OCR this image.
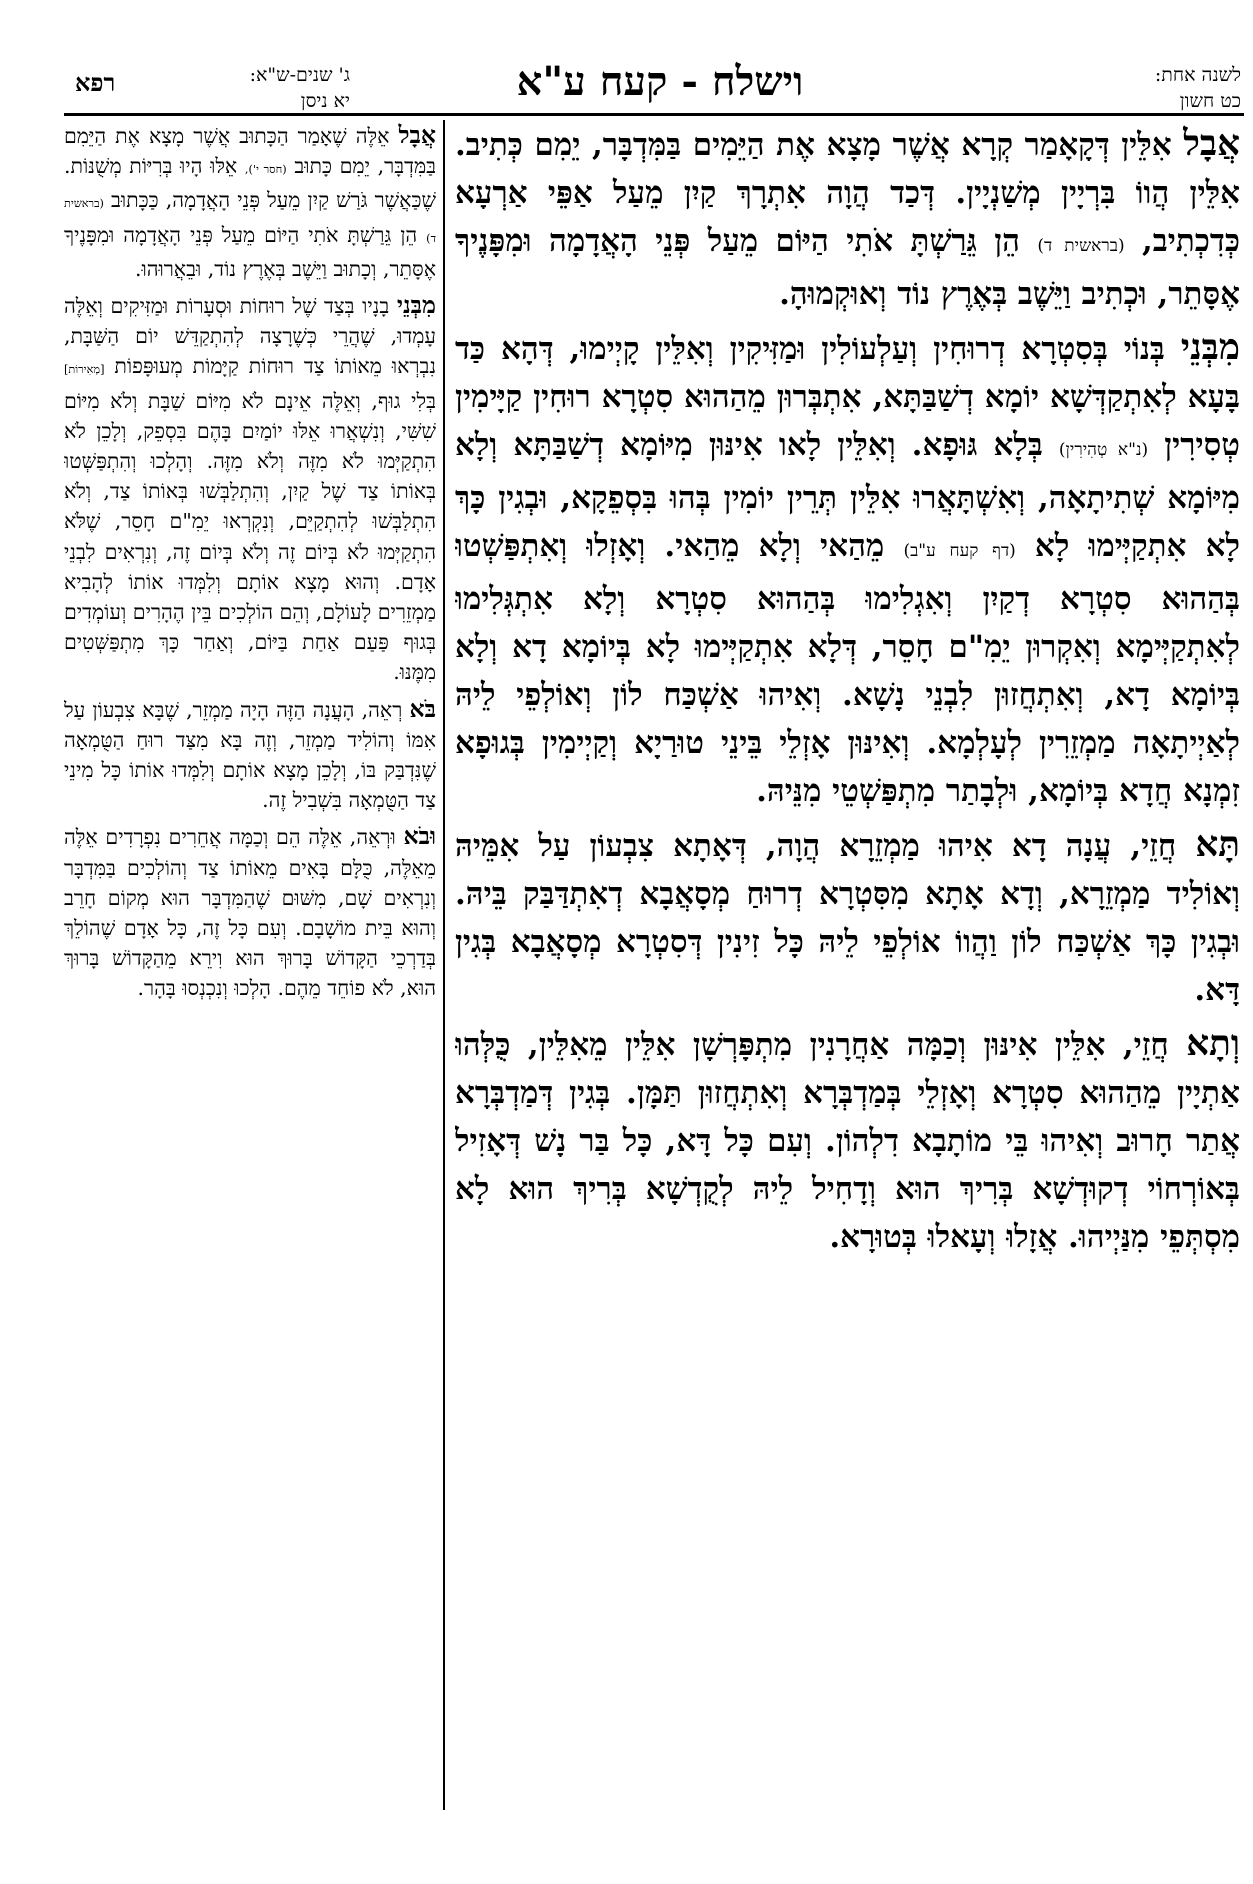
לשנה אחת:
כט חשון
וישלח - קעח ע"א
ג' שנים-ש"א:
יא ניסן
רפא

אֲבָל אִלֵּין דְּקָאָמַר קְרָא אֲשֶׁר מָצָא אֶת הַיֵּמִים בַּמִּדְבָּר, יֵמִם כְּתִיב. אִלֵּין הֲווֹ בִּרְיָין מְשַׁנְיָין. דְּכַד הֲוָה אִתְרָךְ קַיִן מֵעַל אַפֵּי אַרְעָא כְּדִכְתִיב, (בראשית ד) הֵן גֵּרַשְׁתָּ אֹתִי הַיּוֹם מֵעַל פְּנֵי הָאֲדָמָה וּמִפָּנֶיךָ אֶסָּתֵר, וּכְתִיב וַיֵּשֶׁב בְּאֶרֶץ נוֹד וְאוּקְמוּהָ.

מִבְּנֵי בְּנוֹי בְּסִטְרָא דְרוּחִין וְעַלְעוֹלִין וּמַזִּיקִין וְאִלֵּין קָיְימוּ, דְּהָא כַּד בָּעָא לְאִתְקַדְּשָׁא יוֹמָא דְשַׁבַּתָּא, אִתְבְּרוּן מֵהַהוּא סִטְרָא רוּחִין קַיָּימִין טְסִירִין (נ"א טְהִירִין) בְּלָא גּוּפָא. וְאִלֵּין לָאו אִינּוּן מִיּוֹמָא דְשַׁבַּתָּא וְלָא מִיּוֹמָא שְׁתִיתָאָה, וְאִשְׁתָּאֲרוּ אִלֵּין תְּרֵין יוֹמִין בְּהוּ בִּסְפֵקָא, וּבְגִין כָּךְ לָא אִתְקַיְּימוּ לָא (דף קעח ע"ב) מֵהַאי וְלָא מֵהַאי. וְאָזְלוּ וְאִתְפַּשְׁטוּ בְּהַהוּא סִטְרָא דְקַיִן וְאִגְלִימוּ בְּהַהוּא סִטְרָא וְלָא אִתְגְּלִימוּ לְאִתְקַיְּימָא וְאִקְרוּן יֵמִ"ם חָסֵר, דְּלָא אִתְקַיְּימוּ לָא בְּיוֹמָא דָא וְלָא בְּיוֹמָא דָא, וְאִתְחֲזוּן לִבְנֵי נָשָׁא. וְאִיהוּ אַשְׁכַּח לוֹן וְאוֹלְפֵי לֵיהּ לְאַיְיתָאָה מַמְזֵרִין לְעָלְמָא. וְאִינּוּן אָזְלֵי בֵּינֵי טוּרַיָא וְקַיְימִין בְּגוּפָא זִמְנָא חֲדָא בְּיוֹמָא, וּלְבָתַר מִתְפַּשְׁטֵי מִנֵּיהּ.

תָּא חֲזֵי, עֲנָה דָא אִיהוּ מַמְזֵרָא הֲוָה, דְּאָתָא צִבְעוֹן עַל אִמֵּיהּ וְאוֹלִיד מַמְזֵרָא, וְדָא אָתָא מִסִּטְרָא דְרוּחַ מְסָאֲבָא דְאִתְדַּבַּק בֵּיהּ. וּבְגִין כָּךְ אַשְׁכַּח לוֹן וַהֲווֹ אוֹלְפֵי לֵיהּ כָּל זִינִין דְּסִטְרָא מְסָאֲבָא בְּגִין דָּא.

וְתָא חֲזֵי, אִלֵּין אִינּוּן וְכַמָּה אַחֲרָנִין מִתְפָּרְשָׁן אִלֵּין מֵאִלֵּין, כֻּלְּהוּ אַתְיָין מֵהַהוּא סִטְרָא וְאָזְלֵי בְּמַדְבְּרָא וְאִתְחֲזוּן תַּמָּן. בְּגִין דְּמַדְבְּרָא אֲתַר חָרוּב וְאִיהוּ בֵּי מוֹתָבָא דִלְהוֹן. וְעִם כָּל דָּא, כָּל בַּר נָשׁ דְּאָזִיל בְּאוֹרְחוֹי דְקוּדְשָׁא בְּרִיךְ הוּא וְדָחִיל לֵיהּ לְקֻדְשָׁא בְּרִיךְ הוּא לָא מִסְתְּפֵי מִנַּיְיהוּ. אֲזָלוּ וְעָאלוּ בְּטוּרָא.

אֲבָל אֵלֶּה שֶׁאָמַר הַכָּתוּב אֲשֶׁר מָצָא אֶת הַיֵּמִם בַּמִּדְבָּר, יֵמִם כָּתוּב (חסר י'), אֵלּוּ הָיוּ בְּרִיּוֹת מְשֻׁנּוֹת. שֶׁכַּאֲשֶׁר גֹּרַשׁ קַיִן מֵעַל פְּנֵי הָאֲדָמָה, כַּכָּתוּב (בראשית ד) הֵן גֵּרַשְׁתָּ אֹתִי הַיּוֹם מֵעַל פְּנֵי הָאֲדָמָה וּמִפָּנֶיךָ אֶסָּתֵר, וְכָתוּב וַיֵּשֶׁב בְּאֶרֶץ נוֹד, וּבֵאֲרוּהוּ.

מִבְּנֵי בָנָיו בְּצַד שֶׁל רוּחוֹת וּסְעָרוֹת וּמַזִּיקִים וְאֵלֶּה עָמְדוּ, שֶׁהֲרֵי כְּשֶׁרָצָה לְהִתְקַדֵּשׁ יוֹם הַשַּׁבָּת, נִבְרְאוּ מֵאוֹתוֹ צַד רוּחוֹת קַיָּמוֹת מְעוּפָּפוֹת [מְאִירוֹת] בְּלִי גוּף, וְאֵלֶּה אֵינָם לֹא מִיּוֹם שַׁבָּת וְלֹא מִיּוֹם שִׁשִּׁי, וְנִשְׁאֲרוּ אֵלּוּ יוֹמַיִם בָּהֶם בִּסְפֵק, וְלָכֵן לֹא הִתְקַיְּמוּ לֹא מִזֶּה וְלֹא מִזֶּה. וְהָלְכוּ וְהִתְפַּשְּׁטוּ בְּאוֹתוֹ צַד שֶׁל קַיִן, וְהִתְלַבְּשׁוּ בְּאוֹתוֹ צַד, וְלֹא הִתְלַבְּשׁוּ לְהִתְקַיֵּם, וְנִקְרְאוּ יֵמִ"ם חָסֵר, שֶׁלֹּא הִתְקַיְּמוּ לֹא בְּיוֹם זֶה וְלֹא בְּיוֹם זֶה, וְנִרְאִים לִבְנֵי אָדָם. וְהוּא מָצָא אוֹתָם וְלִמְּדוּ אוֹתוֹ לְהָבִיא מַמְזֵרִים לָעוֹלָם, וְהֵם הוֹלְכִים בֵּין הֶהָרִים וְעוֹמְדִים בְּגוּף פַּעַם אַחַת בַּיּוֹם, וְאַחַר כָּךְ מִתְפַּשְּׁטִים מִמֶּנּוּ.

בֹּא רְאֵה, הָעֲנָה הַזֶּה הָיָה מַמְזֵר, שֶׁבָּא צִבְעוֹן עַל אִמּוֹ וְהוֹלִיד מַמְזֵר, וְזֶה בָּא מִצַּד רוּחַ הַטֻּמְאָה שֶׁנִּדְבַּק בּוֹ, וְלָכֵן מָצָא אוֹתָם וְלִמְּדוּ אוֹתוֹ כָּל מִינֵי צַד הַטֻּמְאָה בִּשְׁבִיל זֶה.

וּבֹא וּרְאֵה, אֵלֶּה הֵם וְכַמָּה אֲחֵרִים נִפְרָדִים אֵלֶּה מֵאֵלֶּה, כֻּלָּם בָּאִים מֵאוֹתוֹ צַד וְהוֹלְכִים בַּמִּדְבָּר וְנִרְאִים שָׁם, מִשּׁוּם שֶׁהַמִּדְבָּר הוּא מְקוֹם חָרֵב וְהוּא בֵּית מוֹשָׁבָם. וְעִם כָּל זֶה, כָּל אָדָם שֶׁהוֹלֵךְ בְּדַרְכֵי הַקָּדוֹשׁ בָּרוּךְ הוּא וִירֵא מֵהַקָּדוֹשׁ בָּרוּךְ הוּא, לֹא פוֹחֵד מֵהֶם. הָלְכוּ וְנִכְנְסוּ בָּהָר.
